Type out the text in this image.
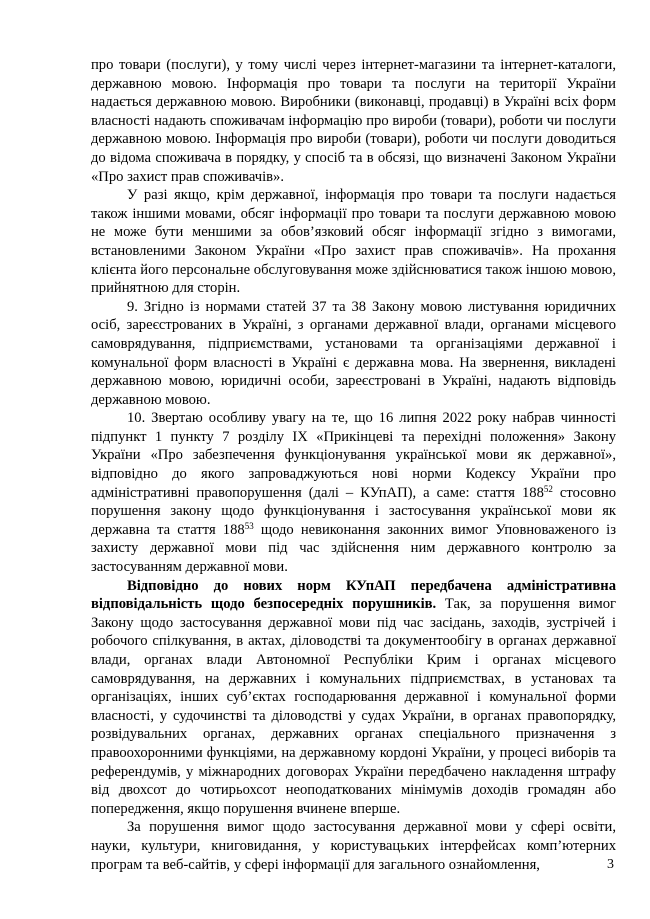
про товари (послуги), у тому числі через інтернет-магазини та інтернет-каталоги, державною мовою. Інформація про товари та послуги на території України надається державною мовою. Виробники (виконавці, продавці) в Україні всіх форм власності надають споживачам інформацію про вироби (товари), роботи чи послуги державною мовою. Інформація про вироби (товари), роботи чи послуги доводиться до відома споживача в порядку, у спосіб та в обсязі, що визначені Законом України «Про захист прав споживачів».

У разі якщо, крім державної, інформація про товари та послуги надається також іншими мовами, обсяг інформації про товари та послуги державною мовою не може бути меншими за обов’язковий обсяг інформації згідно з вимогами, встановленими Законом України «Про захист прав споживачів». На прохання клієнта його персональне обслуговування може здійснюватися також іншою мовою, прийнятною для сторін.

9. Згідно із нормами статей 37 та 38 Закону мовою листування юридичних осіб, зареєстрованих в Україні, з органами державної влади, органами місцевого самоврядування, підприємствами, установами та організаціями державної і комунальної форм власності в Україні є державна мова. На звернення, викладені державною мовою, юридичні особи, зареєстровані в Україні, надають відповідь державною мовою.

10. Звертаю особливу увагу на те, що 16 липня 2022 року набрав чинності підпункт 1 пункту 7 розділу IX «Прикінцеві та перехідні положення» Закону України «Про забезпечення функціонування української мови як державної», відповідно до якого запроваджуються нові норми Кодексу України про адміністративні правопорушення (далі – КУпАП), а саме: стаття $188^{52}$ стосовно порушення закону щодо функціонування і застосування української мови як державна та стаття $188^{53}$ щодо невиконання законних вимог Уповноваженого із захисту державної мови під час здійснення ним державного контролю за застосуванням державної мови.

Відповідно до нових норм КУпАП передбачена адміністративна відповідальність щодо безпосередніх порушників. Так, за порушення вимог Закону щодо застосування державної мови під час засідань, заходів, зустрічей і робочого спілкування, в актах, діловодстві та документообігу в органах державної влади, органах влади Автономної Республіки Крим і органах місцевого самоврядування, на державних і комунальних підприємствах, в установах та організаціях, інших суб’єктах господарювання державної і комунальної форми власності, у судочинстві та діловодстві у судах України, в органах правопорядку, розвідувальних органах, державних органах спеціального призначення з правоохоронними функціями, на державному кордоні України, у процесі виборів та референдумів, у міжнародних договорах України передбачено накладення штрафу від двохсот до чотирьохсот неоподаткованих мінімумів доходів громадян або попередження, якщо порушення вчинене вперше.

За порушення вимог щодо застосування державної мови у сфері освіти, науки, культури, книговидання, у користувацьких інтерфейсах комп’ютерних програм та веб-сайтів, у сфері інформації для загального ознайомлення,	3
